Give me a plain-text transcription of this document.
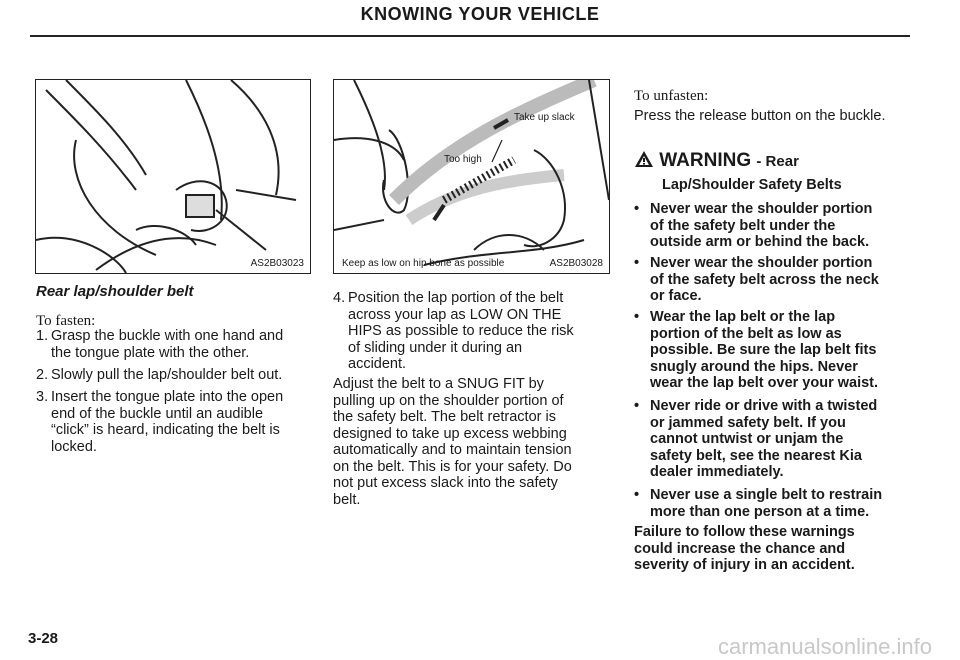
KNOWING YOUR VEHICLE
AS2B03023
Take up slack
Too high
Keep as low on hip bone as possible	AS2B03028
Rear lap/shoulder belt
To fasten:
1. Grasp the buckle with one hand and
the tongue plate with the other.
2. Slowly pull the lap/shoulder belt out.
3. Insert the tongue plate into the open
end of the buckle until an audible
“click” is heard, indicating the belt is
locked.
4. Position the lap portion of the belt
across your lap as LOW ON THE
HIPS as possible to reduce the risk
of sliding under it during an
accident.
Adjust the belt to a SNUG FIT by
pulling up on the shoulder portion of
the safety belt. The belt retractor is
designed to take up excess webbing
automatically and to maintain tension
on the belt. This is for your safety. Do
not put excess slack into the safety
belt.
To unfasten:
Press the release button on the buckle.
WARNING - Rear
Lap/Shoulder Safety Belts
• Never wear the shoulder portion
of the safety belt under the
outside arm or behind the back.
• Never wear the shoulder portion
of the safety belt across the neck
or face.
• Wear the lap belt or the lap
portion of the belt as low as
possible. Be sure the lap belt fits
snugly around the hips. Never
wear the lap belt over your waist.
• Never ride or drive with a twisted
or jammed safety belt. If you
cannot untwist or unjam the
safety belt, see the nearest Kia
dealer immediately.
• Never use a single belt to restrain
more than one person at a time.
Failure to follow these warnings
could increase the chance and
severity of injury in an accident.
3-28	carmanualsonline.info
